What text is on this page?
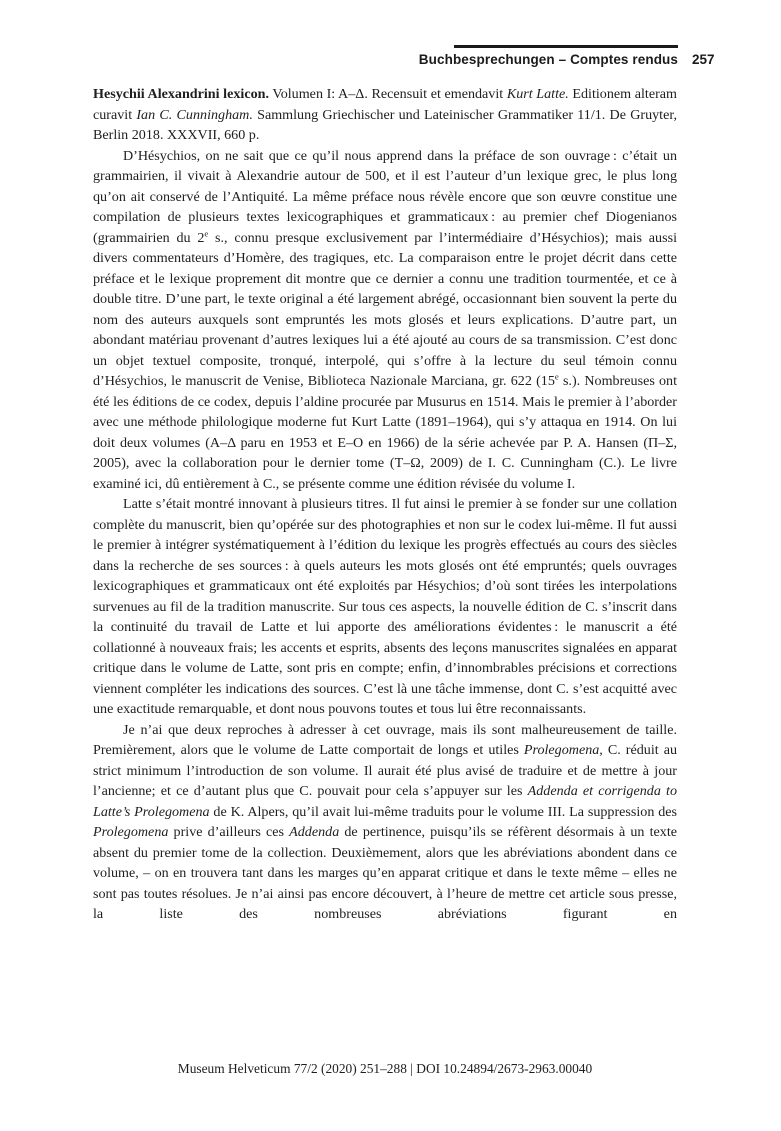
Buchbesprechungen – Comptes rendus 257

Hesychii Alexandrini lexicon. Volumen I: A–Δ. Recensuit et emendavit Kurt Latte. Editionem alteram curavit Ian C. Cunningham. Sammlung Griechischer und Lateinischer Grammatiker 11/1. De Gruyter, Berlin 2018. XXXVII, 660 p.

D’Hésychios, on ne sait que ce qu’il nous apprend dans la préface de son ouvrage : c’était un grammairien, il vivait à Alexandrie autour de 500, et il est l’auteur d’un lexique grec, le plus long qu’on ait conservé de l’Antiquité. La même préface nous révèle encore que son œuvre constitue une compilation de plusieurs textes lexicographiques et grammaticaux : au premier chef Diogenianos (grammairien du 2e s., connu presque exclusivement par l’intermédiaire d’Hésychios); mais aussi divers commentateurs d’Homère, des tragiques, etc. La comparaison entre le projet décrit dans cette préface et le lexique proprement dit montre que ce dernier a connu une tradition tourmentée, et ce à double titre. D’une part, le texte original a été largement abrégé, occasionnant bien souvent la perte du nom des auteurs auxquels sont empruntés les mots glosés et leurs explications. D’autre part, un abondant matériau provenant d’autres lexiques lui a été ajouté au cours de sa transmission. C’est donc un objet textuel composite, tronqué, interpolé, qui s’offre à la lecture du seul témoin connu d’Hésychios, le manuscrit de Venise, Biblioteca Nazionale Marciana, gr. 622 (15e s.). Nombreuses ont été les éditions de ce codex, depuis l’aldine procurée par Musurus en 1514. Mais le premier à l’aborder avec une méthode philologique moderne fut Kurt Latte (1891–1964), qui s’y attaqua en 1914. On lui doit deux volumes (A–Δ paru en 1953 et E–O en 1966) de la série achevée par P. A. Hansen (Π–Σ, 2005), avec la collaboration pour le dernier tome (T–Ω, 2009) de I. C. Cunningham (C.). Le livre examiné ici, dû entièrement à C., se présente comme une édition révisée du volume I.

Latte s’était montré innovant à plusieurs titres. Il fut ainsi le premier à se fonder sur une collation complète du manuscrit, bien qu’opérée sur des photographies et non sur le codex lui-même. Il fut aussi le premier à intégrer systématiquement à l’édition du lexique les progrès effectués au cours des siècles dans la recherche de ses sources : à quels auteurs les mots glosés ont été empruntés; quels ouvrages lexicographiques et grammaticaux ont été exploités par Hésychios; d’où sont tirées les interpolations survenues au fil de la tradition manuscrite. Sur tous ces aspects, la nouvelle édition de C. s’inscrit dans la continuité du travail de Latte et lui apporte des améliorations évidentes : le manuscrit a été collationné à nouveaux frais; les accents et esprits, absents des leçons manuscrites signalées en apparat critique dans le volume de Latte, sont pris en compte; enfin, d’innombrables précisions et corrections viennent compléter les indications des sources. C’est là une tâche immense, dont C. s’est acquitté avec une exactitude remarquable, et dont nous pouvons toutes et tous lui être reconnaissants.

Je n’ai que deux reproches à adresser à cet ouvrage, mais ils sont malheureusement de taille. Premièrement, alors que le volume de Latte comportait de longs et utiles Prolegomena, C. réduit au strict minimum l’introduction de son volume. Il aurait été plus avisé de traduire et de mettre à jour l’ancienne; et ce d’autant plus que C. pouvait pour cela s’appuyer sur les Addenda et corrigenda to Latte’s Prolegomena de K. Alpers, qu’il avait lui-même traduits pour le volume III. La suppression des Prolegomena prive d’ailleurs ces Addenda de pertinence, puisqu’ils se réfèrent désormais à un texte absent du premier tome de la collection. Deuxièmement, alors que les abréviations abondent dans ce volume, – on en trouvera tant dans les marges qu’en apparat critique et dans le texte même – elles ne sont pas toutes résolues. Je n’ai ainsi pas encore découvert, à l’heure de mettre cet article sous presse, la liste des nombreuses abréviations figurant en

Museum Helveticum 77/2 (2020) 251–288 | DOI 10.24894/2673-2963.00040
